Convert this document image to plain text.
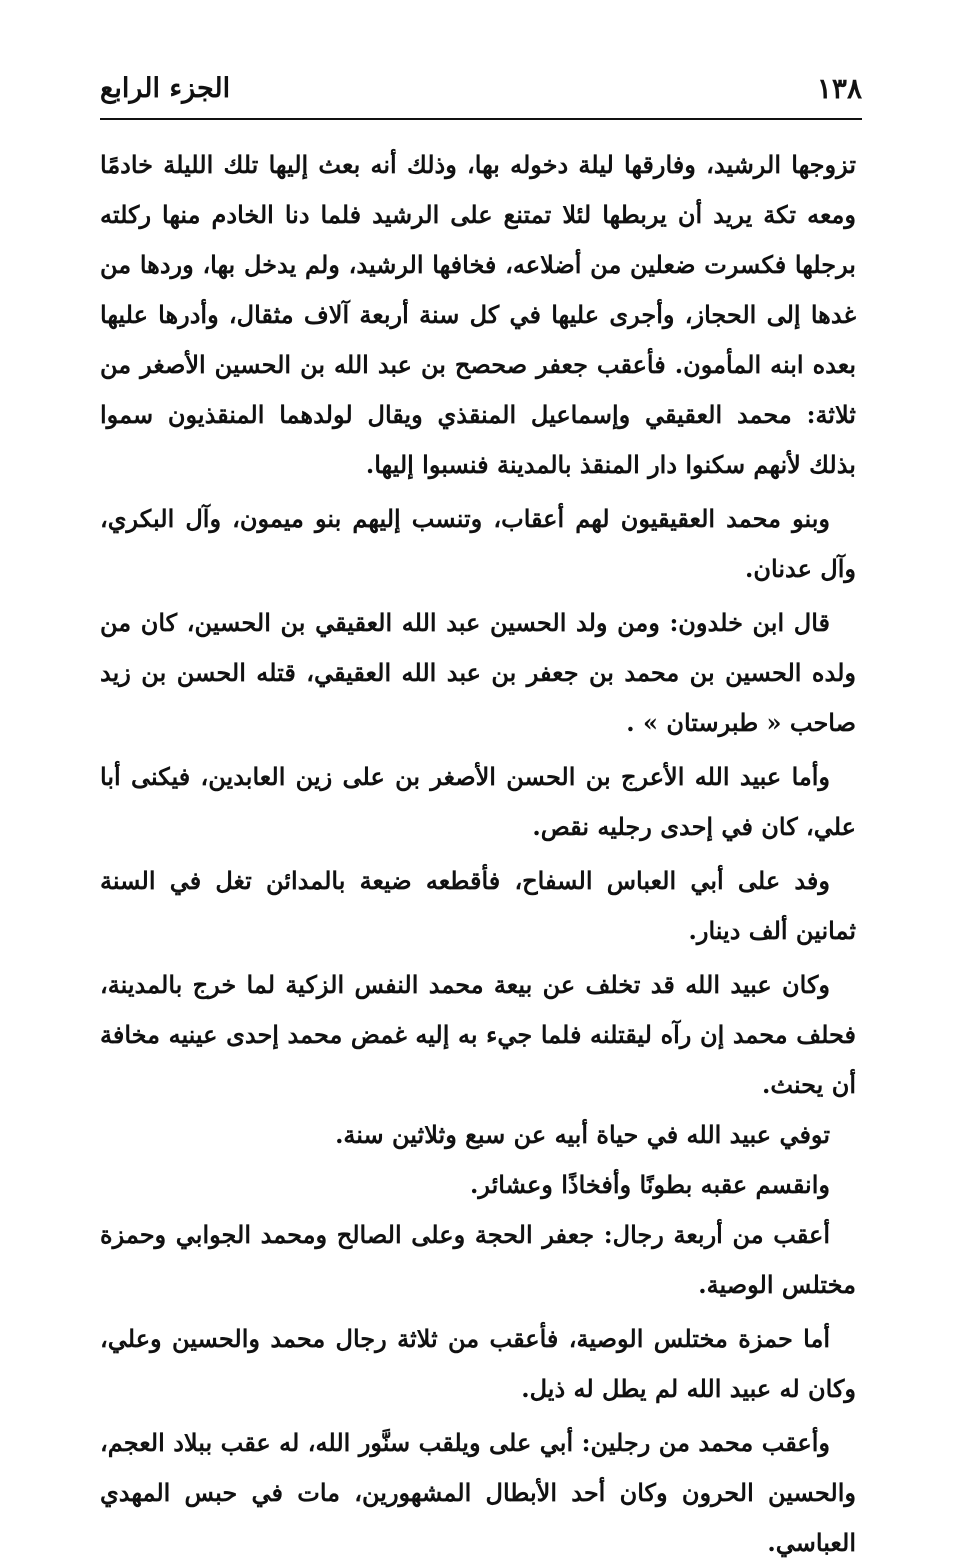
١٣٨
الجزء الرابع

تزوجها الرشيد، وفارقها ليلة دخوله بها، وذلك أنه بعث إليها تلك الليلة خادمًا ومعه تكة يريد أن يربطها لئلا تمتنع على الرشيد فلما دنا الخادم منها ركلته برجلها فكسرت ضعلين من أضلاعه، فخافها الرشيد، ولم يدخل بها، وردها من غدها إلى الحجاز، وأجرى عليها في كل سنة أربعة آلاف مثقال، وأدرها عليها بعده ابنه المأمون. فأعقب جعفر صحصح بن عبد الله بن الحسين الأصغر من ثلاثة: محمد العقيقي وإسماعيل المنقذي ويقال لولدهما المنقذيون سموا بذلك لأنهم سكنوا دار المنقذ بالمدينة فنسبوا إليها.

وبنو محمد العقيقيون لهم أعقاب، وتنسب إليهم بنو ميمون، وآل البكري، وآل عدنان.

قال ابن خلدون: ومن ولد الحسين عبد الله العقيقي بن الحسين، كان من ولده الحسين بن محمد بن جعفر بن عبد الله العقيقي، قتله الحسن بن زيد صاحب « طبرستان » .

وأما عبيد الله الأعرج بن الحسن الأصغر بن على زين العابدين، فيكنى أبا علي، كان في إحدى رجليه نقص.

وفد على أبي العباس السفاح، فأقطعه ضيعة بالمدائن تغل في السنة ثمانين ألف دينار.

وكان عبيد الله قد تخلف عن بيعة محمد النفس الزكية لما خرج بالمدينة، فحلف محمد إن رآه ليقتلنه فلما جيء به إليه غمض محمد إحدى عينيه مخافة أن يحنث.

توفي عبيد الله في حياة أبيه عن سبع وثلاثين سنة.

وانقسم عقبه بطونًا وأفخاذًا وعشائر.

أعقب من أربعة رجال: جعفر الحجة وعلى الصالح ومحمد الجوابي وحمزة مختلس الوصية.

أما حمزة مختلس الوصية، فأعقب من ثلاثة رجال محمد والحسين وعلي، وكان له عبيد الله لم يطل له ذيل.

وأعقب محمد من رجلين: أبي على ويلقب سنَّور الله، له عقب ببلاد العجم، والحسين الحرون وكان أحد الأبطال المشهورين، مات في حبس المهدي العباسي.
